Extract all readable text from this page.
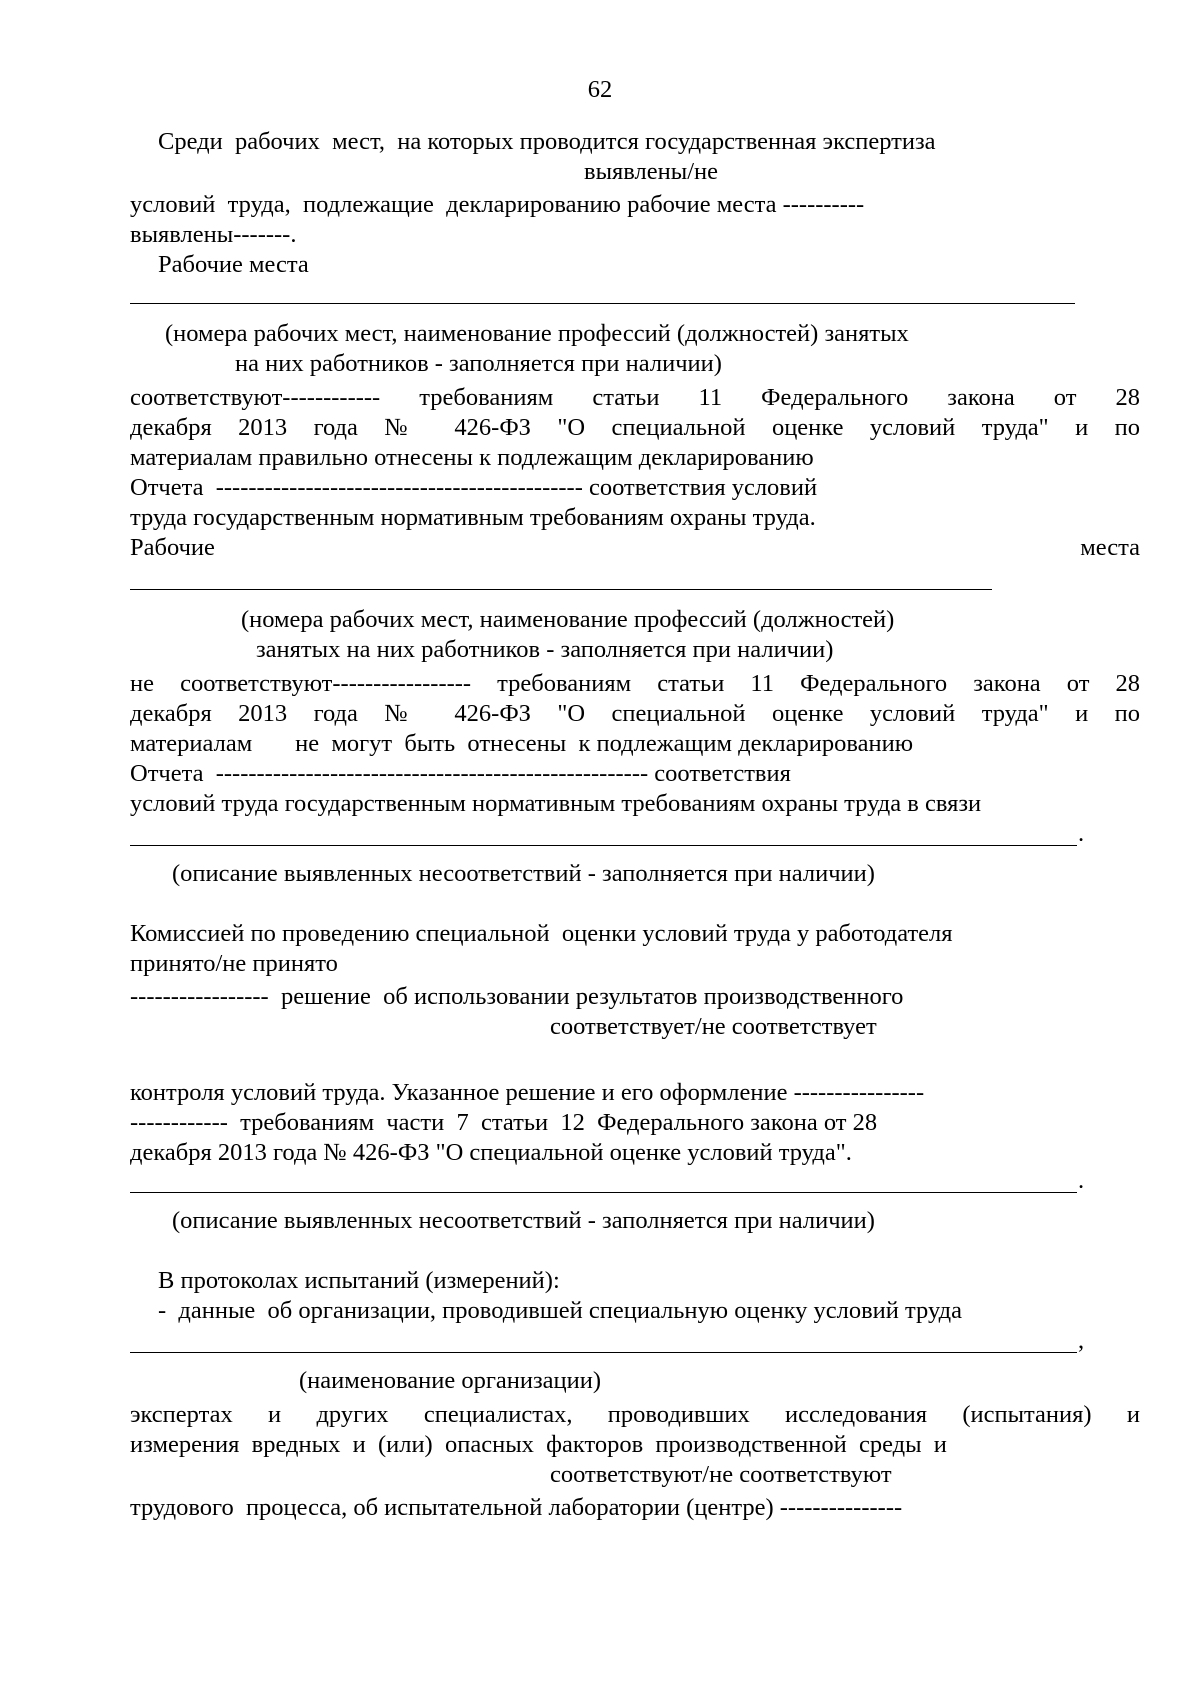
62
Среди  рабочих  мест,  на которых проводится государственная экспертиза
выявлены/не
условий  труда,  подлежащие  декларированию рабочие места ----------
выявлены-------.
Рабочие места
(номера рабочих мест, наименование профессий (должностей) занятых
на них работников - заполняется при наличии)
соответствуют------------ требованиям статьи 11 Федерального закона от 28
декабря 2013 года № 426-ФЗ "О специальной оценке условий труда" и по
материалам правильно отнесены к подлежащим декларированию
Отчета  --------------------------------------------- соответствия условий
труда государственным нормативным требованиям охраны труда.
Рабочие	места
(номера рабочих мест, наименование профессий (должностей)
занятых на них работников - заполняется при наличии)
не соответствуют----------------- требованиям статьи 11 Федерального закона от 28
декабря 2013 года № 426-ФЗ "О специальной оценке условий труда" и по
материалам       не  могут  быть  отнесены  к подлежащим декларированию
Отчета  ----------------------------------------------------- соответствия
условий труда государственным нормативным требованиям охраны труда в связи
.
(описание выявленных несоответствий - заполняется при наличии)
Комиссией по проведению специальной  оценки условий труда у работодателя
принято/не принято
-----------------  решение  об использовании результатов производственного
соответствует/не соответствует
контроля условий труда. Указанное решение и его оформление ----------------
------------  требованиям  части  7  статьи  12  Федерального закона от 28
декабря 2013 года № 426-ФЗ "О специальной оценке условий труда".
.
(описание выявленных несоответствий - заполняется при наличии)
В протоколах испытаний (измерений):
-  данные  об организации, проводившей специальную оценку условий труда
,
(наименование организации)
экспертах и других специалистах, проводивших исследования (испытания) и
измерения  вредных  и  (или)  опасных  факторов  производственной  среды  и
соответствуют/не соответствуют
трудового  процесса, об испытательной лаборатории (центре) ---------------
